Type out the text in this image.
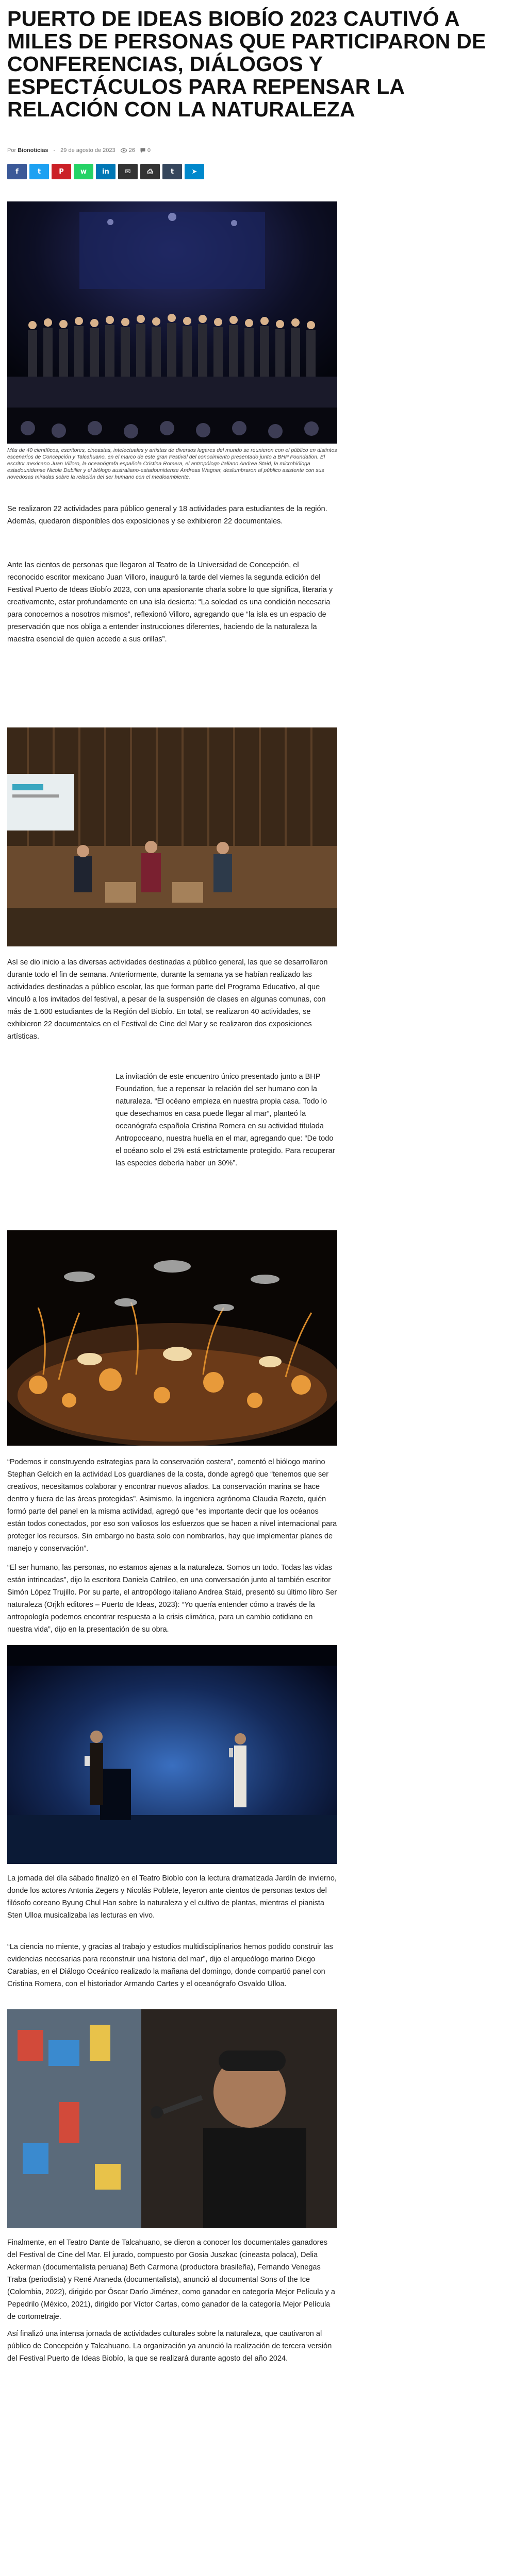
PUERTO DE IDEAS BIOBÍO 2023 CAUTIVÓ A MILES DE PERSONAS QUE PARTICIPARON DE CONFERENCIAS, DIÁLOGOS Y ESPECTÁCULOS PARA REPENSAR LA RELACIÓN CON LA NATURALEZA
Por Bionoticias - 29 de agosto de 2023 26 0
f	t	P w in ✉ ⎙	t	➤
Más de 40 científicos, escritores, cineastas, intelectuales y artistas de diversos lugares del mundo se reunieron con el público en distintos escenarios de Concepción y Talcahuano, en el marco de este gran Festival del conocimiento presentado junto a BHP Foundation. El escritor mexicano Juan Villoro, la oceanógrafa española Cristina Romera, el antropólogo italiano Andrea Staid, la microbióloga estadounidense Nicole Dubilier y el biólogo australiano-estadounidense Andreas Wagner, deslumbraron al público asistente con sus novedosas miradas sobre la relación del ser humano con el medioambiente.

Se realizaron 22 actividades para público general y 18 actividades para estudiantes de la región. Además, quedaron disponibles dos exposiciones y se exhibieron 22 documentales.

Ante las cientos de personas que llegaron al Teatro de la Universidad de Concepción, el reconocido escritor mexicano Juan Villoro, inauguró la tarde del viernes la segunda edición del Festival Puerto de Ideas Biobío 2023, con una apasionante charla sobre lo que significa, literaria y creativamente, estar profundamente en una isla desierta: “La soledad es una condición necesaria para conocernos a nosotros mismos”, reflexionó Villoro, agregando que “la isla es un espacio de preservación que nos obliga a entender instrucciones diferentes, haciendo de la naturaleza la maestra esencial de quien accede a sus orillas”.

Así se dio inicio a las diversas actividades destinadas a público general, las que se desarrollaron durante todo el fin de semana. Anteriormente, durante la semana ya se habían realizado las actividades destinadas a público escolar, las que forman parte del Programa Educativo, al que vinculó a los invitados del festival, a pesar de la suspensión de clases en algunas comunas, con más de 1.600 estudiantes de la Región del Biobío. En total, se realizaron 40 actividades, se exhibieron 22 documentales en el Festival de Cine del Mar y se realizaron dos exposiciones artísticas.

La invitación de este encuentro único presentado junto a BHP Foundation, fue a repensar la relación del ser humano con la naturaleza. “El océano empieza en nuestra propia casa. Todo lo que desechamos en casa puede llegar al mar”, planteó la oceanógrafa española Cristina Romera en su actividad titulada Antropoceano, nuestra huella en el mar, agregando que: “De todo el océano solo el 2% está estrictamente protegido. Para recuperar las especies debería haber un 30%”.

“Podemos ir construyendo estrategias para la conservación costera”, comentó el biólogo marino Stephan Gelcich en la actividad Los guardianes de la costa, donde agregó que “tenemos que ser creativos, necesitamos colaborar y encontrar nuevos aliados. La conservación marina se hace dentro y fuera de las áreas protegidas”. Asimismo, la ingeniera agrónoma Claudia Razeto, quién formó parte del panel en la misma actividad, agregó que “es importante decir que los océanos están todos conectados, por eso son valiosos los esfuerzos que se hacen a nivel internacional para proteger los recursos. Sin embargo no basta solo con nombrarlos, hay que implementar planes de manejo y conservación”.

“El ser humano, las personas, no estamos ajenas a la naturaleza. Somos un todo. Todas las vidas están intrincadas”, dijo la escritora Daniela Catrileo, en una conversación junto al también escritor Simón López Trujillo. Por su parte, el antropólogo italiano Andrea Staid, presentó su último libro Ser naturaleza (Orjkh editores – Puerto de Ideas, 2023): “Yo quería entender cómo a través de la antropología podemos encontrar respuesta a la crisis climática, para un cambio cotidiano en nuestra vida”, dijo en la presentación de su obra.

La jornada del día sábado finalizó en el Teatro Biobío con la lectura dramatizada Jardín de invierno, donde los actores Antonia Zegers y Nicolás Poblete, leyeron ante cientos de personas textos del filósofo coreano Byung Chul Han sobre la naturaleza y el cultivo de plantas, mientras el pianista Sten Ulloa musicalizaba las lecturas en vivo.

“La ciencia no miente, y gracias al trabajo y estudios multidisciplinarios hemos podido construir las evidencias necesarias para reconstruir una historia del mar”, dijo el arqueólogo marino Diego Carabias, en el Diálogo Oceánico realizado la mañana del domingo, donde compartió panel con Cristina Romera, con el historiador Armando Cartes y el oceanógrafo Osvaldo Ulloa.

Finalmente, en el Teatro Dante de Talcahuano, se dieron a conocer los documentales ganadores del Festival de Cine del Mar. El jurado, compuesto por Gosia Juszkac (cineasta polaca), Delia Ackerman (documentalista peruana) Beth Carmona (productora brasileña), Fernando Venegas Traba (periodista) y René Araneda (documentalista), anunció al documental Sons of the Ice (Colombia, 2022), dirigido por Óscar Darío Jiménez, como ganador en categoría Mejor Película y a Pepedrilo (México, 2021), dirigido por Víctor Cartas, como ganador de la categoría Mejor Película de cortometraje.

Así finalizó una intensa jornada de actividades culturales sobre la naturaleza, que cautivaron al público de Concepción y Talcahuano. La organización ya anunció la realización de tercera versión del Festival Puerto de Ideas Biobío, la que se realizará durante agosto del año 2024.
